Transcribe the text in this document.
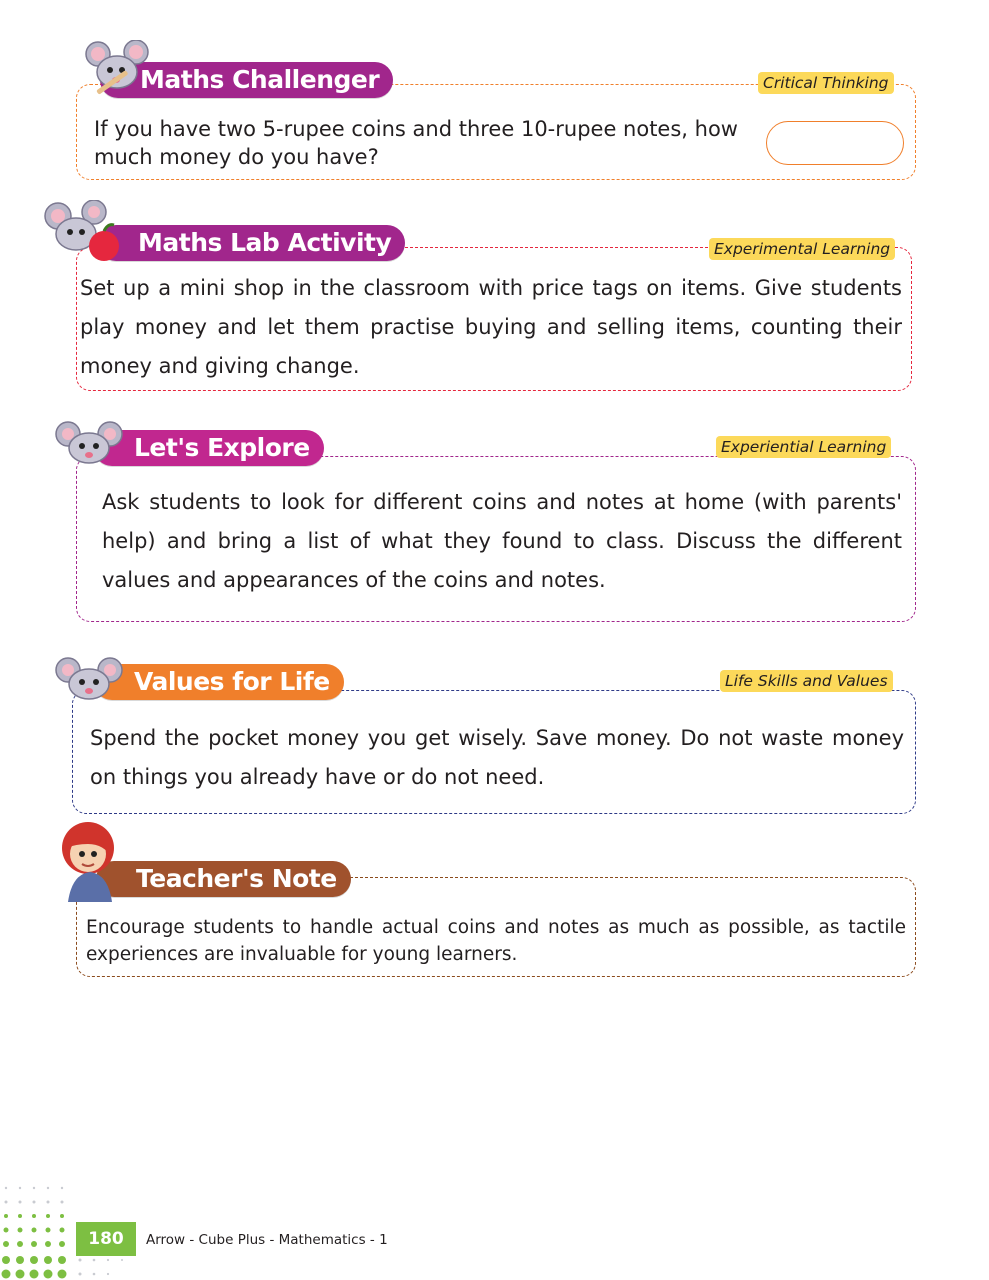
Maths Challenger	Critical Thinking
If you have two 5-rupee coins and three 10-rupee notes, how much money do you have?
Maths Lab Activity	Experimental Learning
Set up a mini shop in the classroom with price tags on items. Give students play money and let them practise buying and selling items, counting their money and giving change.
Let's Explore	Experiential Learning
Ask students to look for different coins and notes at home (with parents' help) and bring a list of what they found to class. Discuss the different values and appearances of the coins and notes.
Values for Life	Life Skills and Values
Spend the pocket money you get wisely. Save money. Do not waste money on things you already have or do not need.
Teacher's Note
Encourage students to handle actual coins and notes as much as possible, as tactile experiences are invaluable for young learners.
180	Arrow - Cube Plus - Mathematics - 1
